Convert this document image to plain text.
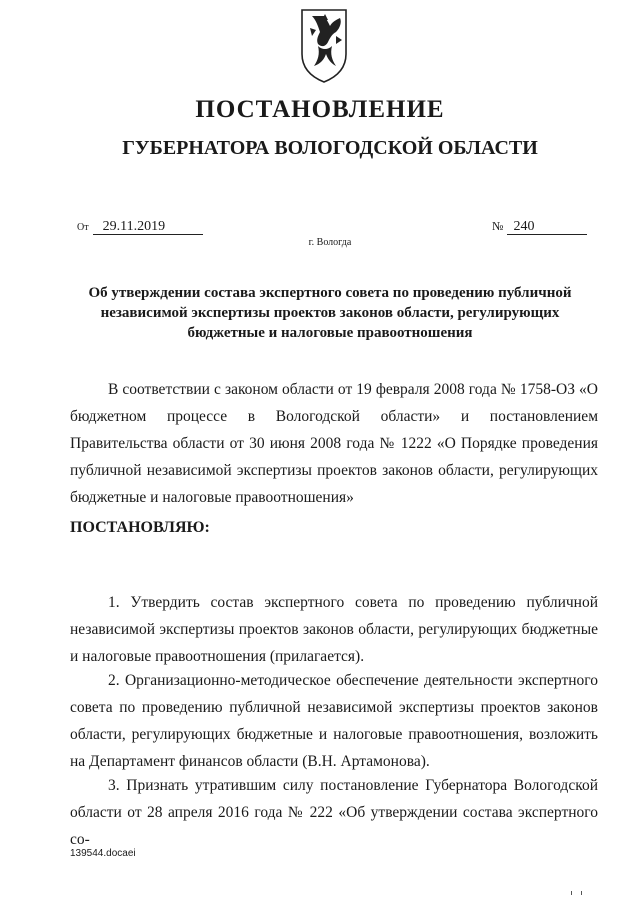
ПОСТАНОВЛЕНИЕ
ГУБЕРНАТОРА ВОЛОГОДСКОЙ ОБЛАСТИ
От 29.11.2019	№ 240
г. Вологда
Об утверждении состава экспертного совета по проведению публичной независимой экспертизы проектов законов области, регулирующих бюджетные и налоговые правоотношения
В соответствии с законом области от 19 февраля 2008 года № 1758-ОЗ «О бюджетном процессе в Вологодской области» и постановлением Правительства области от 30 июня 2008 года № 1222 «О Порядке проведения публичной независимой экспертизы проектов законов области, регулирующих бюджетные и налоговые правоотношения»
ПОСТАНОВЛЯЮ:
1. Утвердить состав экспертного совета по проведению публичной независимой экспертизы проектов законов области, регулирующих бюджетные и налоговые правоотношения (прилагается).
2. Организационно-методическое обеспечение деятельности экспертного совета по проведению публичной независимой экспертизы проектов законов области, регулирующих бюджетные и налоговые правоотношения, возложить на Департамент финансов области (В.Н. Артамонова).
3. Признать утратившим силу постановление Губернатора Вологодской области от 28 апреля 2016 года № 222 «Об утверждении состава экспертного со-
139544.docaei
